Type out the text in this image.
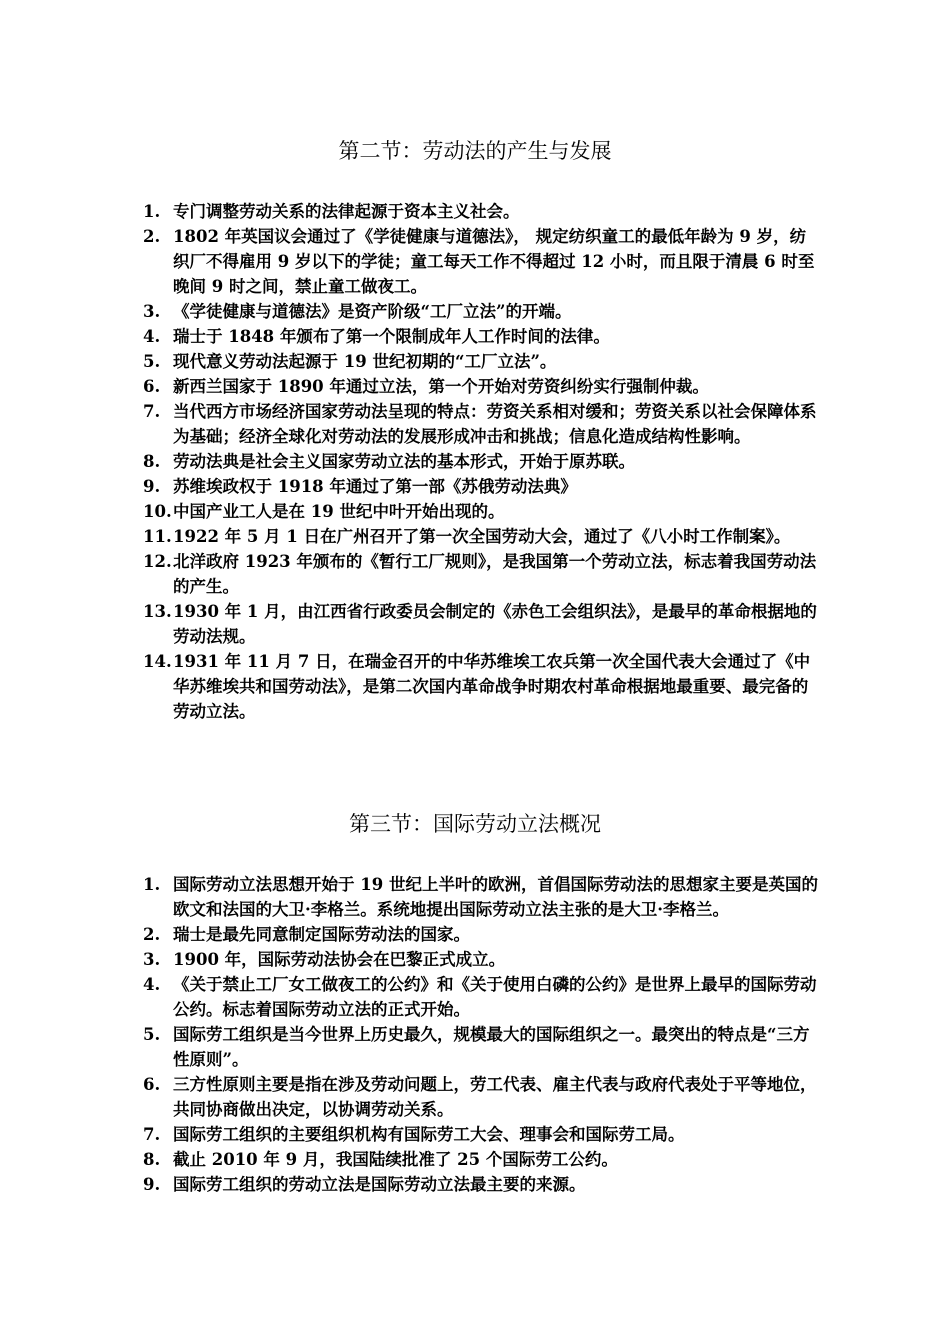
第二节：劳动法的产生与发展
1. 专门调整劳动关系的法律起源于资本主义社会。
2. 1802 年英国议会通过了《学徒健康与道德法》， 规定纺织童工的最低年龄为 9 岁，纺织厂不得雇用 9 岁以下的学徒；童工每天工作不得超过 12 小时，而且限于清晨 6 时至晚间 9 时之间，禁止童工做夜工。
3. 《学徒健康与道德法》是资产阶级“工厂立法”的开端。
4. 瑞士于 1848 年颁布了第一个限制成年人工作时间的法律。
5. 现代意义劳动法起源于 19 世纪初期的“工厂立法”。
6. 新西兰国家于 1890 年通过立法，第一个开始对劳资纠纷实行强制仲裁。
7. 当代西方市场经济国家劳动法呈现的特点：劳资关系相对缓和；劳资关系以社会保障体系为基础；经济全球化对劳动法的发展形成冲击和挑战；信息化造成结构性影响。
8. 劳动法典是社会主义国家劳动立法的基本形式，开始于原苏联。
9. 苏维埃政权于 1918 年通过了第一部《苏俄劳动法典》
10. 中国产业工人是在 19 世纪中叶开始出现的。
11. 1922 年 5 月 1 日在广州召开了第一次全国劳动大会，通过了《八小时工作制案》。
12. 北洋政府 1923 年颁布的《暂行工厂规则》，是我国第一个劳动立法，标志着我国劳动法的产生。
13. 1930 年 1 月，由江西省行政委员会制定的《赤色工会组织法》，是最早的革命根据地的劳动法规。
14. 1931 年 11 月 7 日，在瑞金召开的中华苏维埃工农兵第一次全国代表大会通过了《中华苏维埃共和国劳动法》，是第二次国内革命战争时期农村革命根据地最重要、最完备的劳动立法。
第三节：国际劳动立法概况
1. 国际劳动立法思想开始于 19 世纪上半叶的欧洲，首倡国际劳动法的思想家主要是英国的欧文和法国的大卫·李格兰。系统地提出国际劳动立法主张的是大卫·李格兰。
2. 瑞士是最先同意制定国际劳动法的国家。
3. 1900 年，国际劳动法协会在巴黎正式成立。
4. 《关于禁止工厂女工做夜工的公约》和《关于使用白磷的公约》是世界上最早的国际劳动公约。标志着国际劳动立法的正式开始。
5. 国际劳工组织是当今世界上历史最久，规模最大的国际组织之一。最突出的特点是“三方性原则”。
6. 三方性原则主要是指在涉及劳动问题上，劳工代表、雇主代表与政府代表处于平等地位，共同协商做出决定，以协调劳动关系。
7. 国际劳工组织的主要组织机构有国际劳工大会、理事会和国际劳工局。
8. 截止 2010 年 9 月，我国陆续批准了 25 个国际劳工公约。
9. 国际劳工组织的劳动立法是国际劳动立法最主要的来源。
